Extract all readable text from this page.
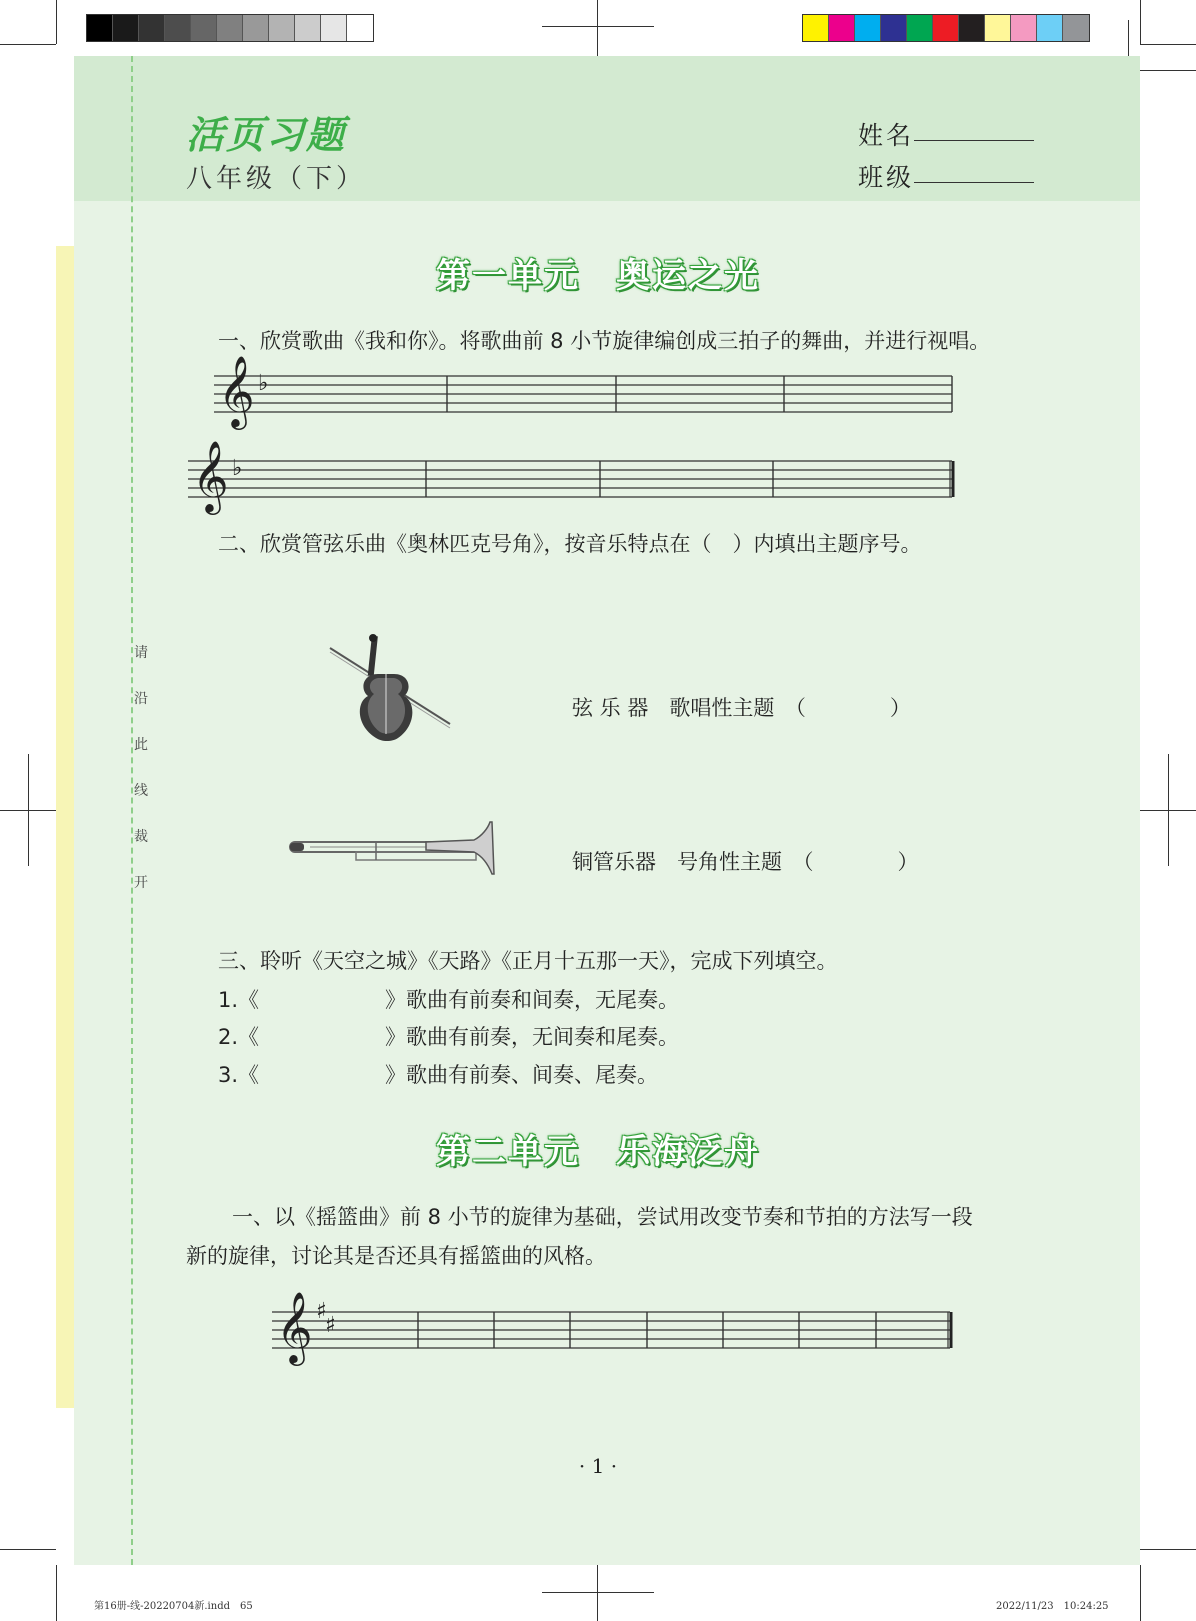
请
沿
此
线
裁
开
活页习题
八年级（下）
姓名
班级
第一单元　奥运之光
一、欣赏歌曲《我和你》。将歌曲前 8 小节旋律编创成三拍子的舞曲，并进行视唱。
𝄞 ♭
𝄞 ♭
𝄞 ♯
♯
二、欣赏管弦乐曲《奥林匹克号角》，按音乐特点在（　）内填出主题序号。
弦 乐 器　歌唱性主题　（　　　　）
铜管乐器　号角性主题　（　　　　）
三、聆听《天空之城》《天路》《正月十五那一天》，完成下列填空。
1.《　　　　　　》歌曲有前奏和间奏，无尾奏。
2.《　　　　　　》歌曲有前奏，无间奏和尾奏。
3.《　　　　　　》歌曲有前奏、间奏、尾奏。
第二单元　乐海泛舟
一、以《摇篮曲》前 8 小节的旋律为基础，尝试用改变节奏和节拍的方法写一段
新的旋律，讨论其是否还具有摇篮曲的风格。
· 1 ·
第16册-线-20220704新.indd　65	2022/11/23　10:24:25
